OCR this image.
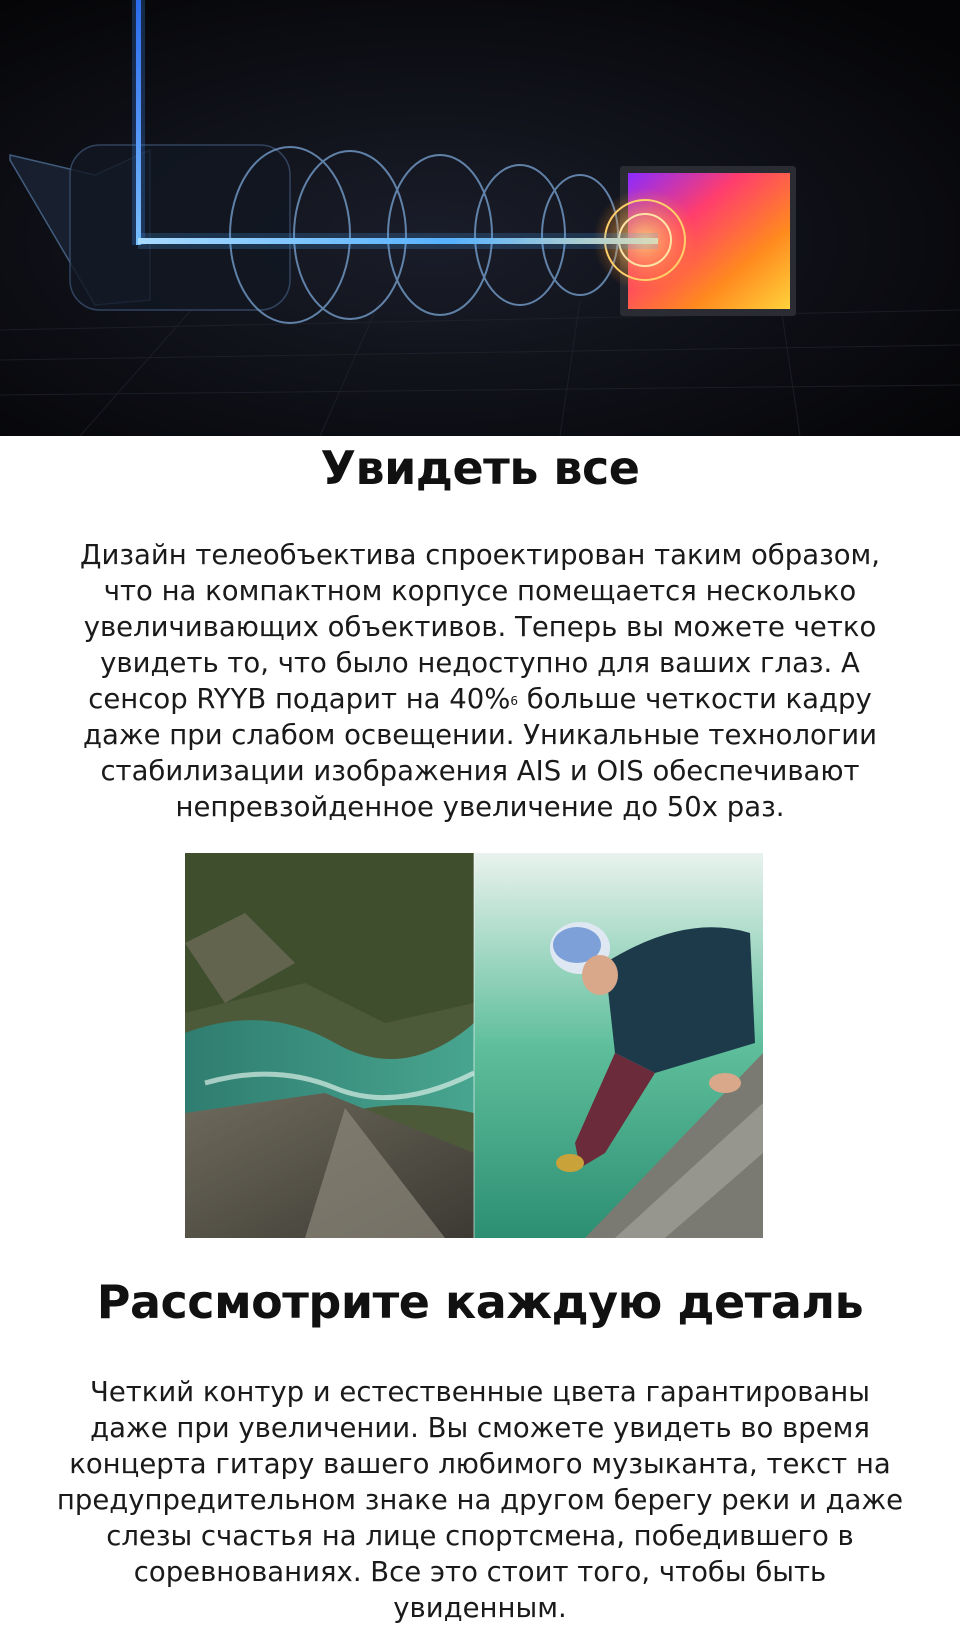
Увидеть все

Дизайн телеобъектива спроектирован таким образом, что на компактном корпусе помещается несколько увеличивающих объективов. Теперь вы можете четко увидеть то, что было недоступно для ваших глаз. А сенсор RYYB подарит на 40%$^6$ больше четкости кадру даже при слабом освещении. Уникальные технологии стабилизации изображения AIS и OIS обеспечивают непревзойденное увеличение до 50x раз.

Рассмотрите каждую деталь

Четкий контур и естественные цвета гарантированы даже при увеличении. Вы сможете увидеть во время концерта гитару вашего любимого музыканта, текст на предупредительном знаке на другом берегу реки и даже слезы счастья на лице спортсмена, победившего в соревнованиях. Все это стоит того, чтобы быть увиденным.
